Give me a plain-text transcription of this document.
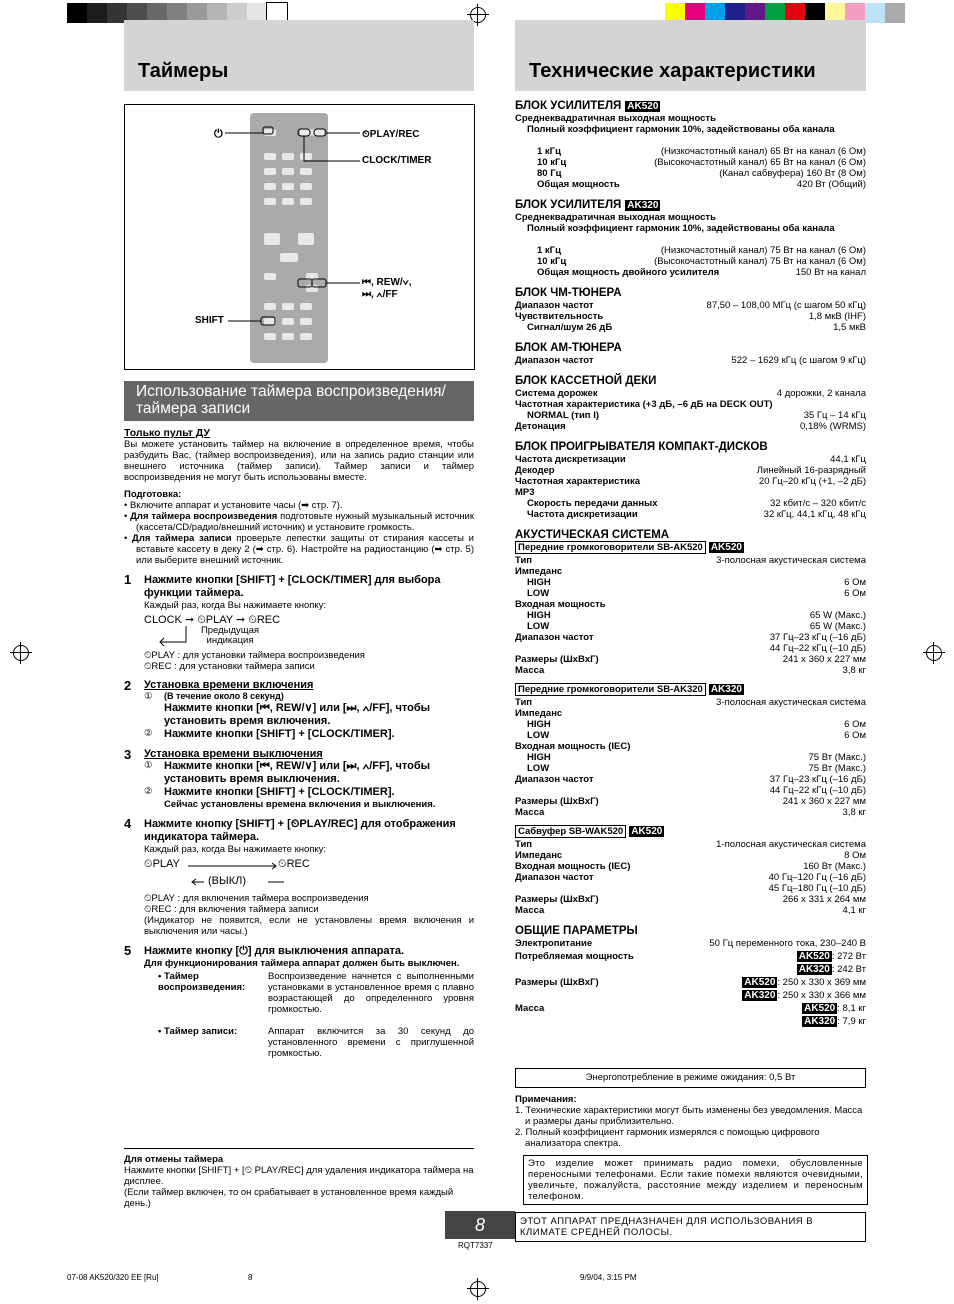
Таймеры	Технические характеристики
⏻	⏲PLAY/REC
CLOCK/TIMER
⏮, REW/∨,
⏭, ∧/FF
SHIFT
Использование таймера воспроизведения/таймера записи
Только пульт ДУ
Вы можете установить таймер на включение в определенное время, чтобы разбудить Вас, (таймер воспроизведения), или на запись радио станции или внешнего источника (таймер записи). Таймер записи и таймер воспроизведения не могут быть использованы вместе.
Подготовка:
• Включите аппарат и установите часы (➡ стр. 7).
• Для таймера воспроизведения подготовьте нужный музыкальный источник (кассета/CD/радио/внешний источник) и установите громкость.
• Для таймера записи проверьте лепестки защиты от стирания кассеты и вставьте кассету в деку 2 (➡ стр. 6). Настройте на радиостанцию (➡ стр. 5) или выберите внешний источник.
1 Нажмите кнопки [SHIFT] + [CLOCK/TIMER] для выбора функции таймера.
Каждый раз, когда Вы нажимаете кнопку:
CLOCK ➞ ⏲PLAY ➞ ⏲REC
Предыдущая индикация
⏲PLAY : для установки таймера воспроизведения
⏲REC : для установки таймера записи
2 Установка времени включения
① (В течение около 8 секунд)
Нажмите кнопки [⏮, REW/∨] или [⏭, ∧/FF], чтобы установить время включения.
② Нажмите кнопки [SHIFT] + [CLOCK/TIMER].
3 Установка времени выключения
① Нажмите кнопки [⏮, REW/∨] или [⏭, ∧/FF], чтобы установить время выключения.
② Нажмите кнопки [SHIFT] + [CLOCK/TIMER].
Сейчас установлены времена включения и выключения.
4 Нажмите кнопку [SHIFT] + [⏲PLAY/REC] для отображения индикатора таймера.
Каждый раз, когда Вы нажимаете кнопку:
⏲PLAY	⏲REC
(ВЫКЛ)
⏲PLAY : для включения таймера воспроизведения
⏲REC : для включения таймера записи
(Индикатор не появится, если не установлены время включения и выключения или часы.)
5 Нажмите кнопку [⏻] для выключения аппарата.
Для функционирования таймера аппарат должен быть выключен.
• Таймер воспроизведения:
Воспроизведение начнется с выполненными установками в установленное время с плавно возрастающей до определенного уровня громкостью.
• Таймер записи:	Аппарат включится за 30 секунд до установленного времени с приглушенной громкостью.
Для отмены таймера
Нажмите кнопки [SHIFT] + [⏲ PLAY/REC] для удаления индикатора таймера на дисплее.
(Если таймер включен, то он срабатывает в установленное время каждый день.)
БЛОК УСИЛИТЕЛЯ AK520
Среднеквадратичная выходная мощность
Полный коэффициент гармоник 10%, задействованы оба канала
1 кГц	(Низкочастотный канал) 65 Вт на канал (6 Ом)
10 кГц	(Высокочастотный канал) 65 Вт на канал (6 Ом)
80 Гц	(Канал сабвуфера) 160 Вт (8 Ом)
Общая мощность	420 Вт (Общий)
БЛОК УСИЛИТЕЛЯ AK320
Среднеквадратичная выходная мощность
Полный коэффициент гармоник 10%, задействованы оба канала
1 кГц	(Низкочастотный канал) 75 Вт на канал (6 Ом)
10 кГц	(Высокочастотный канал) 75 Вт на канал (6 Ом)
Общая мощность двойного усилителя	150 Вт на канал
БЛОК ЧМ-ТЮНЕРА
Диапазон частот	87,50 – 108,00 МГц (с шагом 50 кГц)
Чувствительность	1,8 мкВ (IHF)
Сигнал/шум 26 дБ	1,5 мкВ
БЛОК АМ-ТЮНЕРА
Диапазон частот	522 – 1629 кГц (с шагом 9 кГц)
БЛОК КАССЕТНОЙ ДЕКИ
Система дорожек	4 дорожки, 2 канала
Частотная характеристика (+3 дБ, –6 дБ на DECK OUT)
NORMAL (тип I)	35 Гц – 14 кГц
Детонация	0,18% (WRMS)
БЛОК ПРОИГРЫВАТЕЛЯ КОМПАКТ-ДИСКОВ
Частота дискретизации	44,1 кГц
Декодер	Линейный 16-разрядный
Частотная характеристика	20 Гц–20 кГц (+1, –2 дБ)
MP3
Скорость передачи данных	32 кбит/с – 320 кбит/с
Частота дискретизации	32 кГц, 44,1 кГц, 48 кГц
АКУСТИЧЕСКАЯ СИСТЕМА
Передние громкоговорители SB-AK520 AK520
Тип	3-полосная акустическая система
Импеданс
HIGH	6 Ом
LOW	6 Ом
Входная мощность
HIGH	65 W (Макс.)
LOW	65 W (Макс.)
Диапазон частот	37 Гц–23 кГц (–16 дБ)
44 Гц–22 кГц (–10 дБ)
Размеры (ШxВxГ)	241 x 360 x 227 мм
Масса	3,8 кг
Передние громкоговорители SB-AK320 AK320
Тип	3-полосная акустическая система
Импеданс
HIGH	6 Ом
LOW	6 Ом
Входная мощность (IEC)
HIGH	75 Вт (Макс.)
LOW	75 Вт (Макс.)
Диапазон частот	37 Гц–23 кГц (–16 дБ)
44 Гц–22 кГц (–10 дБ)
Размеры (ШxВxГ)	241 x 360 x 227 мм
Масса	3,8 кг
Сабвуфер SB-WAK520 AK520
Тип	1-полосная акустическая система
Импеданс	8 Ом
Входная мощность (IEC)	160 Вт (Макс.)
Диапазон частот	40 Гц–120 Гц (–16 дБ)
45 Гц–180 Гц (–10 дБ)
Размеры (ШxВxГ)	266 x 331 x 264 мм
Масса	4,1 кг
ОБЩИЕ ПАРАМЕТРЫ
Электропитание	50 Гц переменного тока, 230–240 В
Потребляемая мощность	AK520 : 272 Вт
AK320 : 242 Вт
Размеры (ШxВxГ)	AK520 : 250 x 330 x 369 мм
AK320 : 250 x 330 x 366 мм
Масса	AK520 : 8,1 кг
AK320 : 7,9 кг
Энергопотребление в режиме ожидания: 0,5 Вт
Примечания:
1. Технические характеристики могут быть изменены без уведомления. Масса и размеры даны приблизительно.
2. Полный коэффициент гармоник измерялся с помощью цифрового анализатора спектра.
Это изделие может принимать радио помехи, обусловленные переносными телефонами. Если такие помехи являются очевидными, увеличьте, пожалуйста, расстояние между изделием и переносным телефоном.
ЭТОТ АППАРАТ ПРЕДНАЗНАЧЕН ДЛЯ ИСПОЛЬЗОВАНИЯ В КЛИМАТЕ СРЕДНЕЙ ПОЛОСЫ.
8
RQT7337
07-08 AK520/320 EE [Ru]	8	9/9/04, 3:15 PM
